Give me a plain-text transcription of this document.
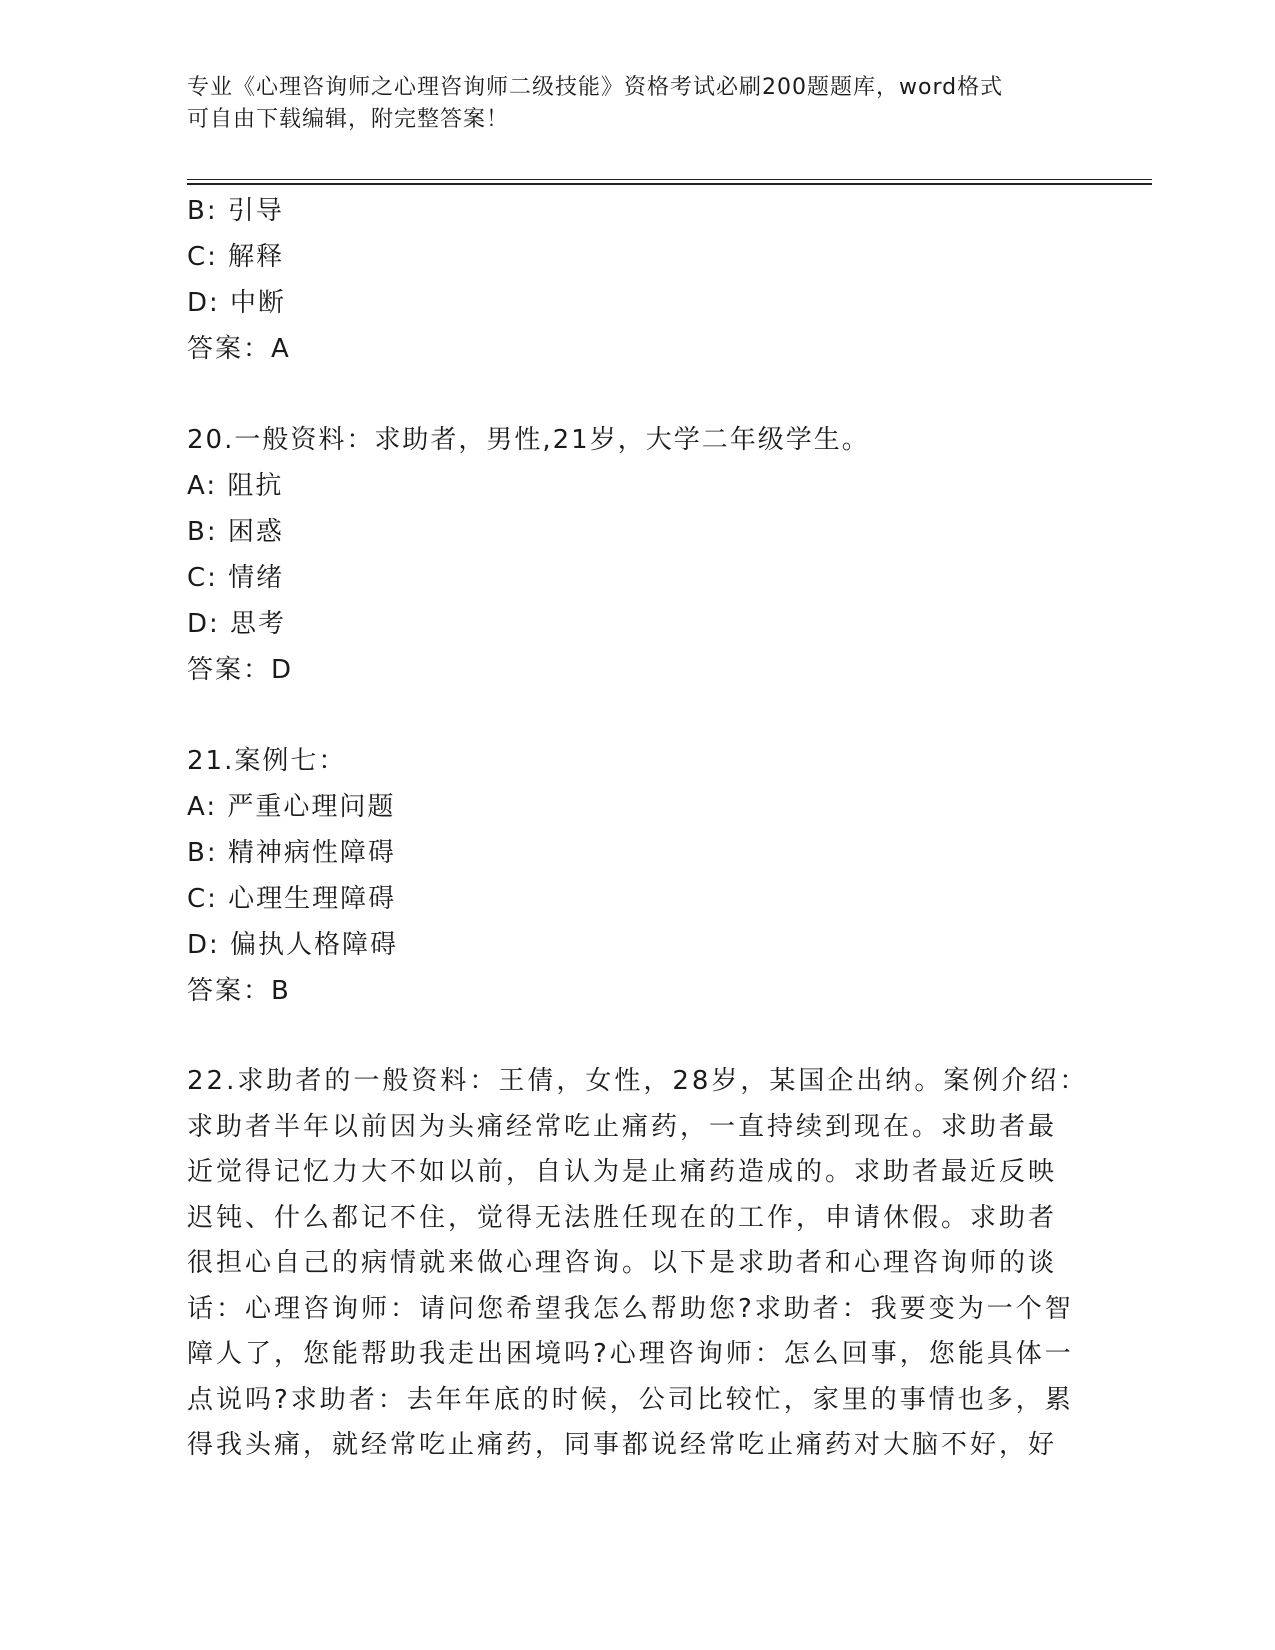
专业《心理咨询师之心理咨询师二级技能》资格考试必刷200题题库，word格式
可自由下载编辑，附完整答案！
B: 引导
C: 解释
D: 中断
答案：A
20.一般资料：求助者，男性,21岁，大学二年级学生。
A: 阻抗
B: 困惑
C: 情绪
D: 思考
答案：D
21.案例七：
A: 严重心理问题
B: 精神病性障碍
C: 心理生理障碍
D: 偏执人格障碍
答案：B
22.求助者的一般资料：王倩，女性，28岁，某国企出纳。案例介绍：
求助者半年以前因为头痛经常吃止痛药，一直持续到现在。求助者最
近觉得记忆力大不如以前，自认为是止痛药造成的。求助者最近反映
迟钝、什么都记不住，觉得无法胜任现在的工作，申请休假。求助者
很担心自己的病情就来做心理咨询。以下是求助者和心理咨询师的谈
话：心理咨询师：请问您希望我怎么帮助您?求助者：我要变为一个智
障人了，您能帮助我走出困境吗?心理咨询师：怎么回事，您能具体一
点说吗?求助者：去年年底的时候，公司比较忙，家里的事情也多，累
得我头痛，就经常吃止痛药，同事都说经常吃止痛药对大脑不好，好
